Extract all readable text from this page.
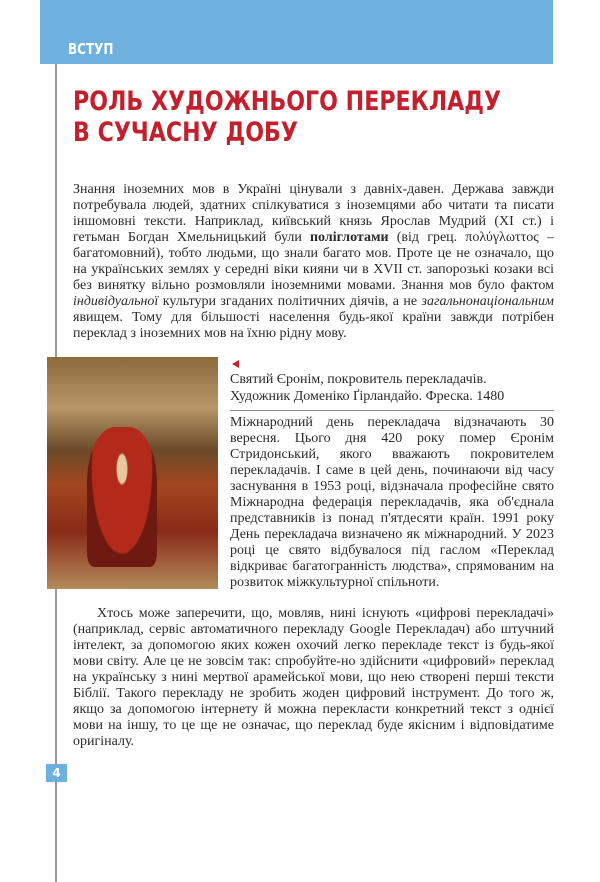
ВСТУП
РОЛЬ ХУДОЖНЬОГО ПЕРЕКЛАДУ
В СУЧАСНУ ДОБУ

Знання іноземних мов в Україні цінували з давніх-давен. Держава завжди потребувала людей, здатних спілкуватися з іноземцями або читати та писати іншомовні тексти. Наприклад, київський князь Ярослав Мудрий (XI ст.) і гетьман Богдан Хмельницький були поліглотами (від грец. πολύγλωττος – багатомовний), тобто людьми, що знали багато мов. Проте це не означало, що на українських землях у середні віки кияни чи в XVII ст. запорозькі козаки всі без винятку вільно розмовляли іноземними мовами. Знання мов було фактом індивідуальної культури згаданих політичних діячів, а не загальнонаціональним явищем. Тому для більшості населення будь-якої країни завжди потрібен переклад з іноземних мов на їхню рідну мову.

Святий Єронім, покровитель перекладачів.
Художник Доменіко Ґірландайо. Фреска. 1480

Міжнародний день перекладача відзначають 30 вересня. Цього дня 420 року помер Єронім Стридонський, якого вважають покровителем перекладачів. І саме в цей день, починаючи від часу заснування в 1953 році, відзначала професійне свято Міжнародна федерація перекладачів, яка об'єднала представників із понад п'ятдесяти країн. 1991 року День перекладача визначено як міжнародний. У 2023 році це свято відбувалося під гаслом «Переклад відкриває багатогранність людства», спрямованим на розвиток міжкультурної спільноти.

Хтось може заперечити, що, мовляв, нині існують «цифрові перекладачі» (наприклад, сервіс автоматичного перекладу Google Перекладач) або штучний інтелект, за допомогою яких кожен охочий легко перекладе текст із будь-якої мови світу. Але це не зовсім так: спробуйте-но здійснити «цифровий» переклад на українську з нині мертвої арамейської мови, що нею створені перші тексти Біблії. Такого перекладу не зробить жоден цифровий інструмент. До того ж, якщо за допомогою інтернету й можна перекласти конкретний текст з однієї мови на іншу, то це ще не означає, що переклад буде якісним і відповідатиме оригіналу.

4
